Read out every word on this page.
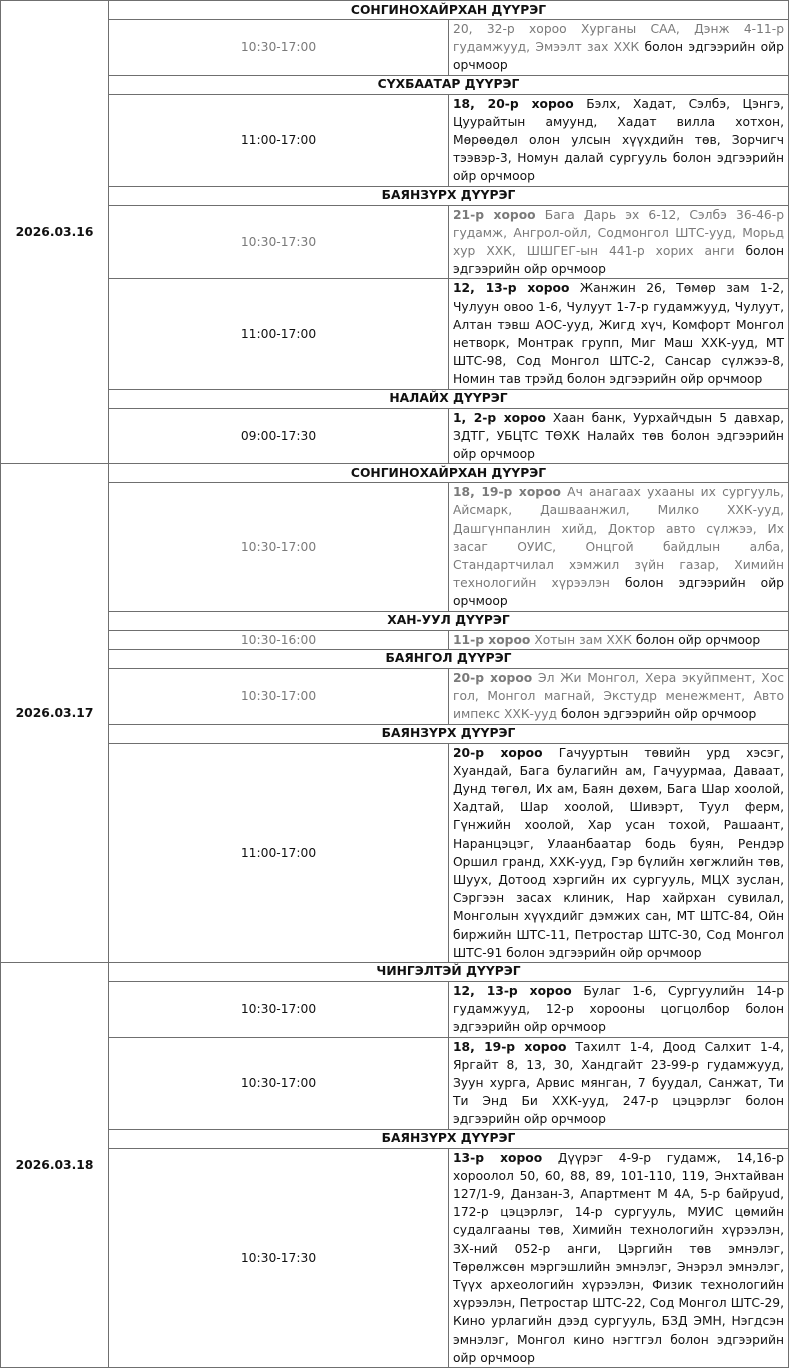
2026.03.16	СОНГИНОХАЙРХАН ДҮҮРЭГ	
	10:30-17:00	20, 32-р хороо Хурганы САА, Дэнж 4-11-р гудамжууд, Эмээлт зах ХХК болон эдгээрийн ойр орчмоор
	СҮХБААТАР ДҮҮРЭГ	
	11:00-17:00	18, 20-р хороо Бэлх, Хадат, Сэлбэ, Цэнгэ, Цуурайтын амуунд, Хадат вилла хотхон, Мөрөөдөл олон улсын хүүхдийн төв, Зорчигч тээвэр-3, Номун далай сургууль болон эдгээрийн ойр орчмоор
	БАЯНЗҮРХ ДҮҮРЭГ	
	10:30-17:30	21-р хороо Бага Дарь эх 6-12, Сэлбэ 36-46-р гудамж, Ангрол-ойл, Содмонгол ШТС-ууд, Морьд хур ХХК, ШШГЕГ-ын 441-р хорих анги болон эдгээрийн ойр орчмоор
	11:00-17:00	12, 13-р хороо Жанжин 26, Төмөр зам 1-2, Чулуун овоо 1-6, Чулуут 1-7-р гудамжууд, Чулуут, Алтан тэвш АОС-ууд, Жигд хүч, Комфорт Монгол нетворк, Монтрак групп, Миг Маш ХХК-ууд, МТ ШТС-98, Сод Монгол ШТС-2, Сансар сүлжээ-8, Номин тав трэйд болон эдгээрийн ойр орчмоор
	НАЛАЙХ ДҮҮРЭГ	
	09:00-17:30	1, 2-р хороо Хаан банк, Уурхайчдын 5 давхар, ЗДТГ, УБЦТС ТӨХК Налайх төв болон эдгээрийн ойр орчмоор
2026.03.17	СОНГИНОХАЙРХАН ДҮҮРЭГ	
	10:30-17:00	18, 19-р хороо Ач анагаах ухааны их сургууль, Айсмарк, Дашваанжил, Милко ХХК-ууд, Дашгүнпанлин хийд, Доктор авто сүлжээ, Их засаг ОУИС, Онцгой байдлын алба, Стандартчилал хэмжил зүйн газар, Химийн технологийн хүрээлэн болон эдгээрийн ойр орчмоор
	ХАН-УУЛ ДҮҮРЭГ	
	10:30-16:00	11-р хороо Хотын зам ХХК болон ойр орчмоор
	БАЯНГОЛ ДҮҮРЭГ	
	10:30-17:00	20-р хороо Эл Жи Монгол, Хера экуйпмент, Хос гол, Монгол магнай, Экстудр менежмент, Авто импекс ХХК-ууд болон эдгээрийн ойр орчмоор
	БАЯНЗҮРХ ДҮҮРЭГ	
	11:00-17:00	20-р хороо Гачууртын төвийн урд хэсэг, Хуандай, Бага булагийн ам, Гачуурмаа, Даваат, Дунд төгөл, Их ам, Баян дөхөм, Бага Шар хоолой, Хадтай, Шар хоолой, Шивэрт, Туул ферм, Гүнжийн хоолой, Хар усан тохой, Рашаант, Наранцэцэг, Улаанбаатар бодь буян, Рендэр Оршил гранд, ХХК-ууд, Гэр бүлийн хөгжлийн төв, Шуух, Дотоод хэргийн их сургууль, МЦХ зуслан, Сэргээн засах клиник, Нар хайрхан сувилал, Монголын хүүхдийг дэмжих сан, МТ ШТС-84, Ойн биржийн ШТС-11, Петростар ШТС-30, Сод Монгол ШТС-91 болон эдгээрийн ойр орчмоор
2026.03.18	ЧИНГЭЛТЭЙ ДҮҮРЭГ	
	10:30-17:00	12, 13-р хороо Булаг 1-6, Сургуулийн 14-р гудамжууд, 12-р хорооны цогцолбор болон эдгээрийн ойр орчмоор
	10:30-17:00	18, 19-р хороо Тахилт 1-4, Доод Салхит 1-4, Яргайт 8, 13, 30, Хандгайт 23-99-р гудамжууд, Зуун хурга, Арвис мянган, 7 буудал, Санжат, Ти Ти Энд Би ХХК-ууд, 247-р цэцэрлэг болон эдгээрийн ойр орчмоор
	БАЯНЗҮРХ ДҮҮРЭГ	
	10:30-17:30	13-р хороо Дүүрэг 4-9-р гудамж, 14,16-р хороолол 50, 60, 88, 89, 101-110, 119, Энхтайван 127/1-9, Данзан-3, Апартмент М 4А, 5-р байруud, 172-р цэцэрлэг, 14-р сургууль, МУИС цөмийн судалгааны төв, Химийн технологийн хүрээлэн, ЗХ-ний 052-р анги, Цэргийн төв эмнэлэг, Төрөлжсөн мэргэшлийн эмнэлэг, Энэрэл эмнэлэг, Түүх археологийн хүрээлэн, Физик технологийн хүрээлэн, Петростар ШТС-22, Сод Монгол ШТС-29, Кино урлагийн дээд сургууль, БЗД ЭМН, Нэгдсэн эмнэлэг, Монгол кино нэгтгэл болон эдгээрийн ойр орчмоор
